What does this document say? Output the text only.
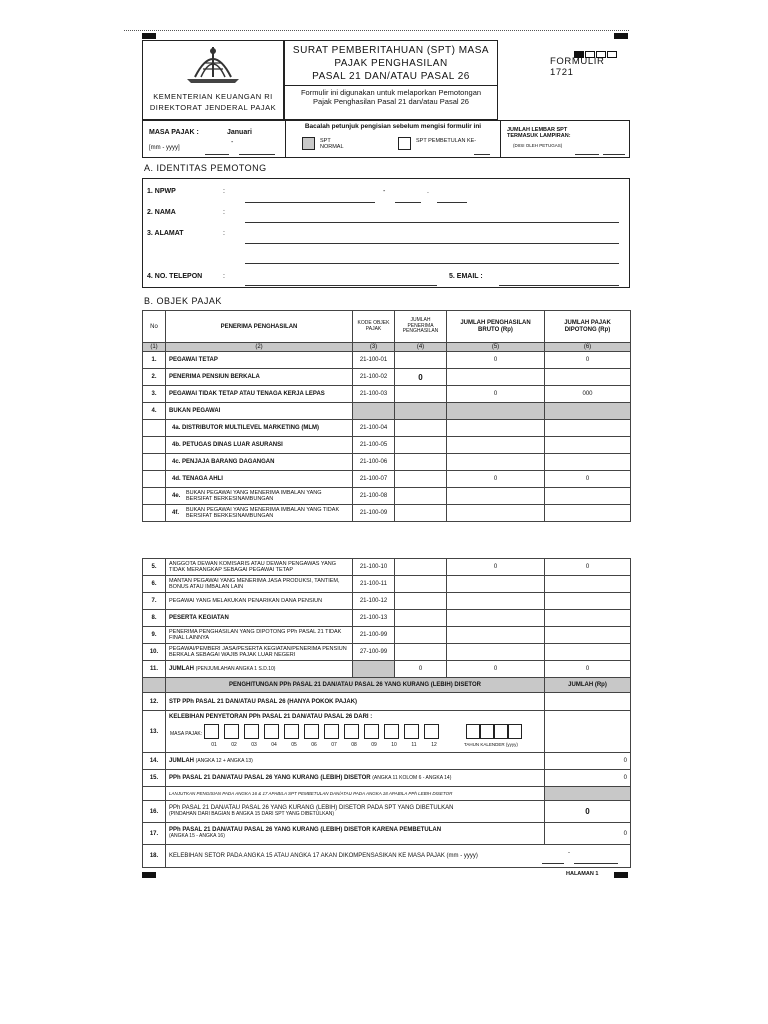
KEMENTERIAN KEUANGAN RI
DIREKTORAT JENDERAL PAJAK
SURAT PEMBERITAHUAN (SPT) MASA
PAJAK PENGHASILAN
PASAL 21 DAN/ATAU PASAL 26
Formulir ini digunakan untuk melaporkan Pemotongan Pajak Penghasilan Pasal 21 dan/atau Pasal 26
FORMULIR 1721
MASA PAJAK :	Januari
[mm - yyyy]
-
Bacalah petunjuk pengisian sebelum mengisi formulir ini
SPT NORMAL
SPT PEMBETULAN KE-
JUMLAH LEMBAR SPT TERMASUK LAMPIRAN:
(DIISI OLEH PETUGAS)
A. IDENTITAS PEMOTONG
1. NPWP	:	-	.
2. NAMA	:
3. ALAMAT	:
4. NO. TELEPON	:	5. EMAIL :
B. OBJEK PAJAK
No	PENERIMA PENGHASILAN	KODE OBJEK PAJAK	JUMLAH PENERIMA PENGHASILAN	JUMLAH PENGHASILAN BRUTO (Rp)	JUMLAH PAJAK DIPOTONG (Rp)
(1)	(2)	(3)	(4)	(5)	(6)
1.	PEGAWAI TETAP	21-100-01		0	0
2.	PENERIMA PENSIUN BERKALA	21-100-02	0		
3.	PEGAWAI TIDAK TETAP ATAU TENAGA KERJA LEPAS	21-100-03		0	000
4.	BUKAN PEGAWAI				
	4a. DISTRIBUTOR MULTILEVEL MARKETING (MLM)	21-100-04			
	4b. PETUGAS DINAS LUAR ASURANSI	21-100-05			
	4c. PENJAJA BARANG DAGANGAN	21-100-06			
	4d. TENAGA AHLI	21-100-07		0	0
	4e. BUKAN PEGAWAI YANG MENERIMA IMBALAN YANG BERSIFAT BERKESINAMBUNGAN	21-100-08			
	4f. BUKAN PEGAWAI YANG MENERIMA IMBALAN YANG TIDAK BERSIFAT BERKESINAMBUNGAN	21-100-09			
5.	ANGGOTA DEWAN KOMISARIS ATAU DEWAN PENGAWAS YANG TIDAK MERANGKAP SEBAGAI PEGAWAI TETAP	21-100-10		0	0
6.	MANTAN PEGAWAI YANG MENERIMA JASA PRODUKSI, TANTIEM, BONUS ATAU IMBALAN LAIN	21-100-11			
7.	PEGAWAI YANG MELAKUKAN PENARIKAN DANA PENSIUN	21-100-12			
8.	PESERTA KEGIATAN	21-100-13			
9.	PENERIMA PENGHASILAN YANG DIPOTONG PPh PASAL 21 TIDAK FINAL LAINNYA	21-100-99			
10.	PEGAWAI/PEMBERI JASA/PESERTA KEGIATAN/PENERIMA PENSIUN BERKALA SEBAGAI WAJIB PAJAK LUAR NEGERI	27-100-99			
11.	JUMLAH (PENJUMLAHAN ANGKA 1 S.D.10)		0	0	0
	PENGHITUNGAN PPh PASAL 21 DAN/ATAU PASAL 26 YANG KURANG (LEBIH) DISETOR				JUMLAH (Rp)
12.	STP PPh PASAL 21 DAN/ATAU PASAL 26 (HANYA POKOK PAJAK)				
13.	KELEBIHAN PENYETORAN PPh PASAL 21 DAN/ATAU PASAL 26 DARI :
MASA PAJAK:
01 02 03 04 05 06 07 08 09 10 11 12 TAHUN KALENDER (yyyy)				

14.	JUMLAH (ANGKA 12 + ANGKA 13)				0
15.	PPh PASAL 21 DAN/ATAU PASAL 26 YANG KURANG (LEBIH) DISETOR (ANGKA 11 KOLOM 6 - ANGKA 14)				0
	LANJUTKAN PENGISIAN PADA ANGKA 16 & 17 APABILA SPT PEMBETULAN DAN/ATAU PADA ANGKA 18 APABILA PPh LEBIH DISETOR				
16.	PPh PASAL 21 DAN/ATAU PASAL 26 YANG KURANG (LEBIH) DISETOR PADA SPT YANG DIBETULKAN
(PINDAHAN DARI BAGIAN B ANGKA 15 DARI SPT YANG DIBETULKAN)				0
17.	PPh PASAL 21 DAN/ATAU PASAL 26 YANG KURANG (LEBIH) DISETOR KARENA PEMBETULAN
(ANGKA 15 - ANGKA 16)				0
18.	KELEBIHAN SETOR PADA ANGKA 15 ATAU ANGKA 17 AKAN DIKOMPENSASIKAN KE MASA PAJAK (mm - yyyy) -				
HALAMAN 1
